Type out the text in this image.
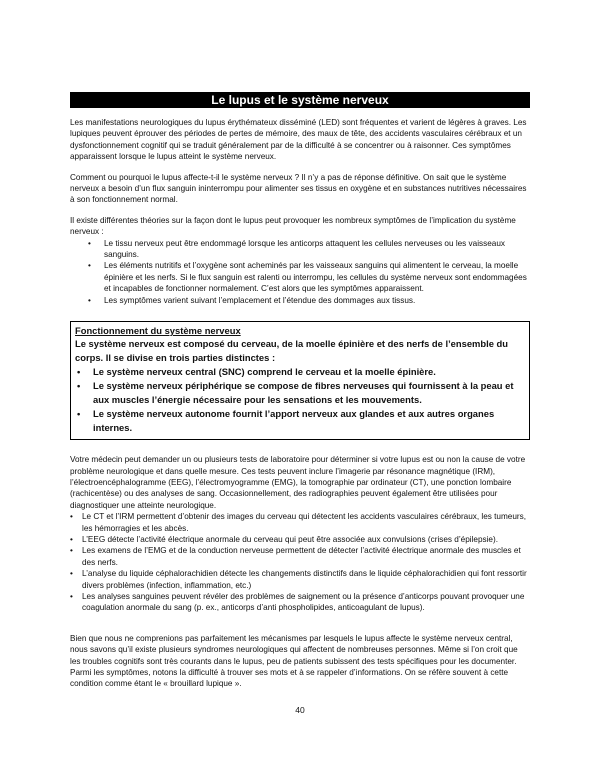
Le lupus et le système nerveux

Les manifestations neurologiques du lupus érythémateux disséminé (LED) sont fréquentes et varient de légères à graves. Les lupiques peuvent éprouver des périodes de pertes de mémoire, des maux de tête, des accidents vasculaires cérébraux et un dysfonctionnement cognitif qui se traduit généralement par de la difficulté à se concentrer ou à raisonner. Ces symptômes apparaissent lorsque le lupus atteint le système nerveux.

Comment ou pourquoi le lupus affecte-t-il le système nerveux ? Il n’y a pas de réponse définitive. On sait que le système nerveux a besoin d’un flux sanguin ininterrompu pour alimenter ses tissus en oxygène et en substances nutritives nécessaires à son fonctionnement normal.

Il existe différentes théories sur la façon dont le lupus peut provoquer les nombreux symptômes de l’implication du système nerveux :

• Le tissu nerveux peut être endommagé lorsque les anticorps attaquent les cellules nerveuses ou les vaisseaux sanguins.
• Les éléments nutritifs et l’oxygène sont acheminés par les vaisseaux sanguins qui alimentent le cerveau, la moelle épinière et les nerfs. Si le flux sanguin est ralenti ou interrompu, les cellules du système nerveux sont endommagées et incapables de fonctionner normalement. C’est alors que les symptômes apparaissent.
• Les symptômes varient suivant l’emplacement et l’étendue des dommages aux tissus.
Fonctionnement du système nerveux

Le système nerveux est composé du cerveau, de la moelle épinière et des nerfs de l’ensemble du corps. Il se divise en trois parties distinctes :

• Le système nerveux central (SNC) comprend le cerveau et la moelle épinière.
• Le système nerveux périphérique se compose de fibres nerveuses qui fournissent à la peau et aux muscles l’énergie nécessaire pour les sensations et les mouvements.
• Le système nerveux autonome fournit l’apport nerveux aux glandes et aux autres organes internes.

Votre médecin peut demander un ou plusieurs tests de laboratoire pour déterminer si votre lupus est ou non la cause de votre problème neurologique et dans quelle mesure. Ces tests peuvent inclure l’imagerie par résonance magnétique (IRM), l’électroencéphalogramme (EEG), l’électromyogramme (EMG), la tomographie par ordinateur (CT), une ponction lombaire (rachicentèse) ou des analyses de sang. Occasionnellement, des radiographies peuvent également être utilisées pour diagnostiquer une atteinte neurologique.

• Le CT et l’IRM permettent d’obtenir des images du cerveau qui détectent les accidents vasculaires cérébraux, les tumeurs, les hémorragies et les abcès.
• L’EEG détecte l’activité électrique anormale du cerveau qui peut être associée aux convulsions (crises d’épilepsie).
• Les examens de l’EMG et de la conduction nerveuse permettent de détecter l’activité électrique anormale des muscles et des nerfs.
• L’analyse du liquide céphalorachidien détecte les changements distinctifs dans le liquide céphalorachidien qui font ressortir divers problèmes (infection, inflammation, etc.)
• Les analyses sanguines peuvent révéler des problèmes de saignement ou la présence d’anticorps pouvant provoquer une coagulation anormale du sang (p. ex., anticorps d’anti phospholipides, anticoagulant de lupus).

Bien que nous ne comprenions pas parfaitement les mécanismes par lesquels le lupus affecte le système nerveux central, nous savons qu’il existe plusieurs syndromes neurologiques qui affectent de nombreuses personnes. Même si l’on croit que les troubles cognitifs sont très courants dans le lupus, peu de patients subissent des tests spécifiques pour les documenter. Parmi les symptômes, notons la difficulté à trouver ses mots et à se rappeler d’informations. On se réfère souvent à cette condition comme étant le « brouillard lupique ».

40
